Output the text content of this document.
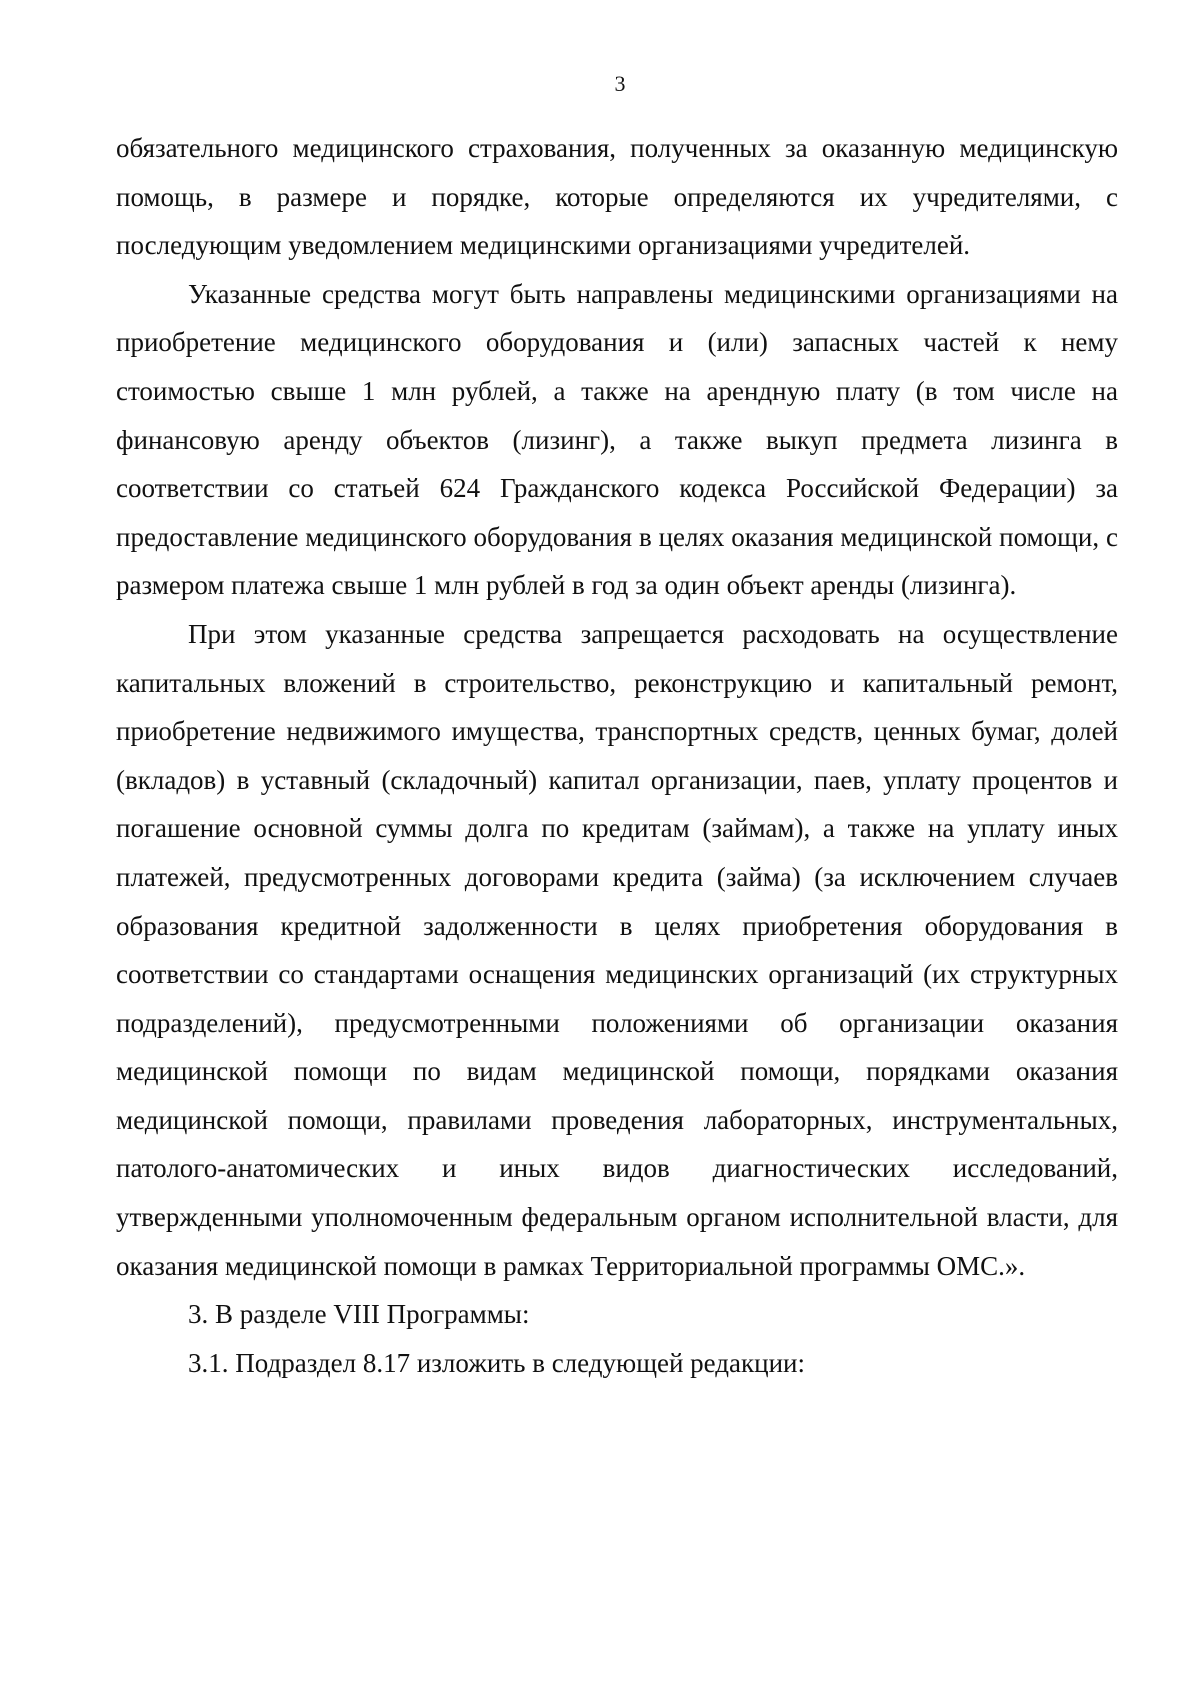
3

обязательного медицинского страхования, полученных за оказанную медицинскую помощь, в размере и порядке, которые определяются их учредителями, с последующим уведомлением медицинскими организациями учредителей.

Указанные средства могут быть направлены медицинскими организациями на приобретение медицинского оборудования и (или) запасных частей к нему стоимостью свыше 1 млн рублей, а также на арендную плату (в том числе на финансовую аренду объектов (лизинг), а также выкуп предмета лизинга в соответствии со статьей 624 Гражданского кодекса Российской Федерации) за предоставление медицинского оборудования в целях оказания медицинской помощи, с размером платежа свыше 1 млн рублей в год за один объект аренды (лизинга).

При этом указанные средства запрещается расходовать на осуществление капитальных вложений в строительство, реконструкцию и капитальный ремонт, приобретение недвижимого имущества, транспортных средств, ценных бумаг, долей (вкладов) в уставный (складочный) капитал организации, паев, уплату процентов и погашение основной суммы долга по кредитам (займам), а также на уплату иных платежей, предусмотренных договорами кредита (займа) (за исключением случаев образования кредитной задолженности в целях приобретения оборудования в соответствии со стандартами оснащения медицинских организаций (их структурных подразделений), предусмотренными положениями об организации оказания медицинской помощи по видам медицинской помощи, порядками оказания медицинской помощи, правилами проведения лабораторных, инструментальных, патолого-анатомических и иных видов диагностических исследований, утвержденными уполномоченным федеральным органом исполнительной власти, для оказания медицинской помощи в рамках Территориальной программы ОМС.».

3. В разделе VIII Программы:

3.1. Подраздел 8.17 изложить в следующей редакции:
